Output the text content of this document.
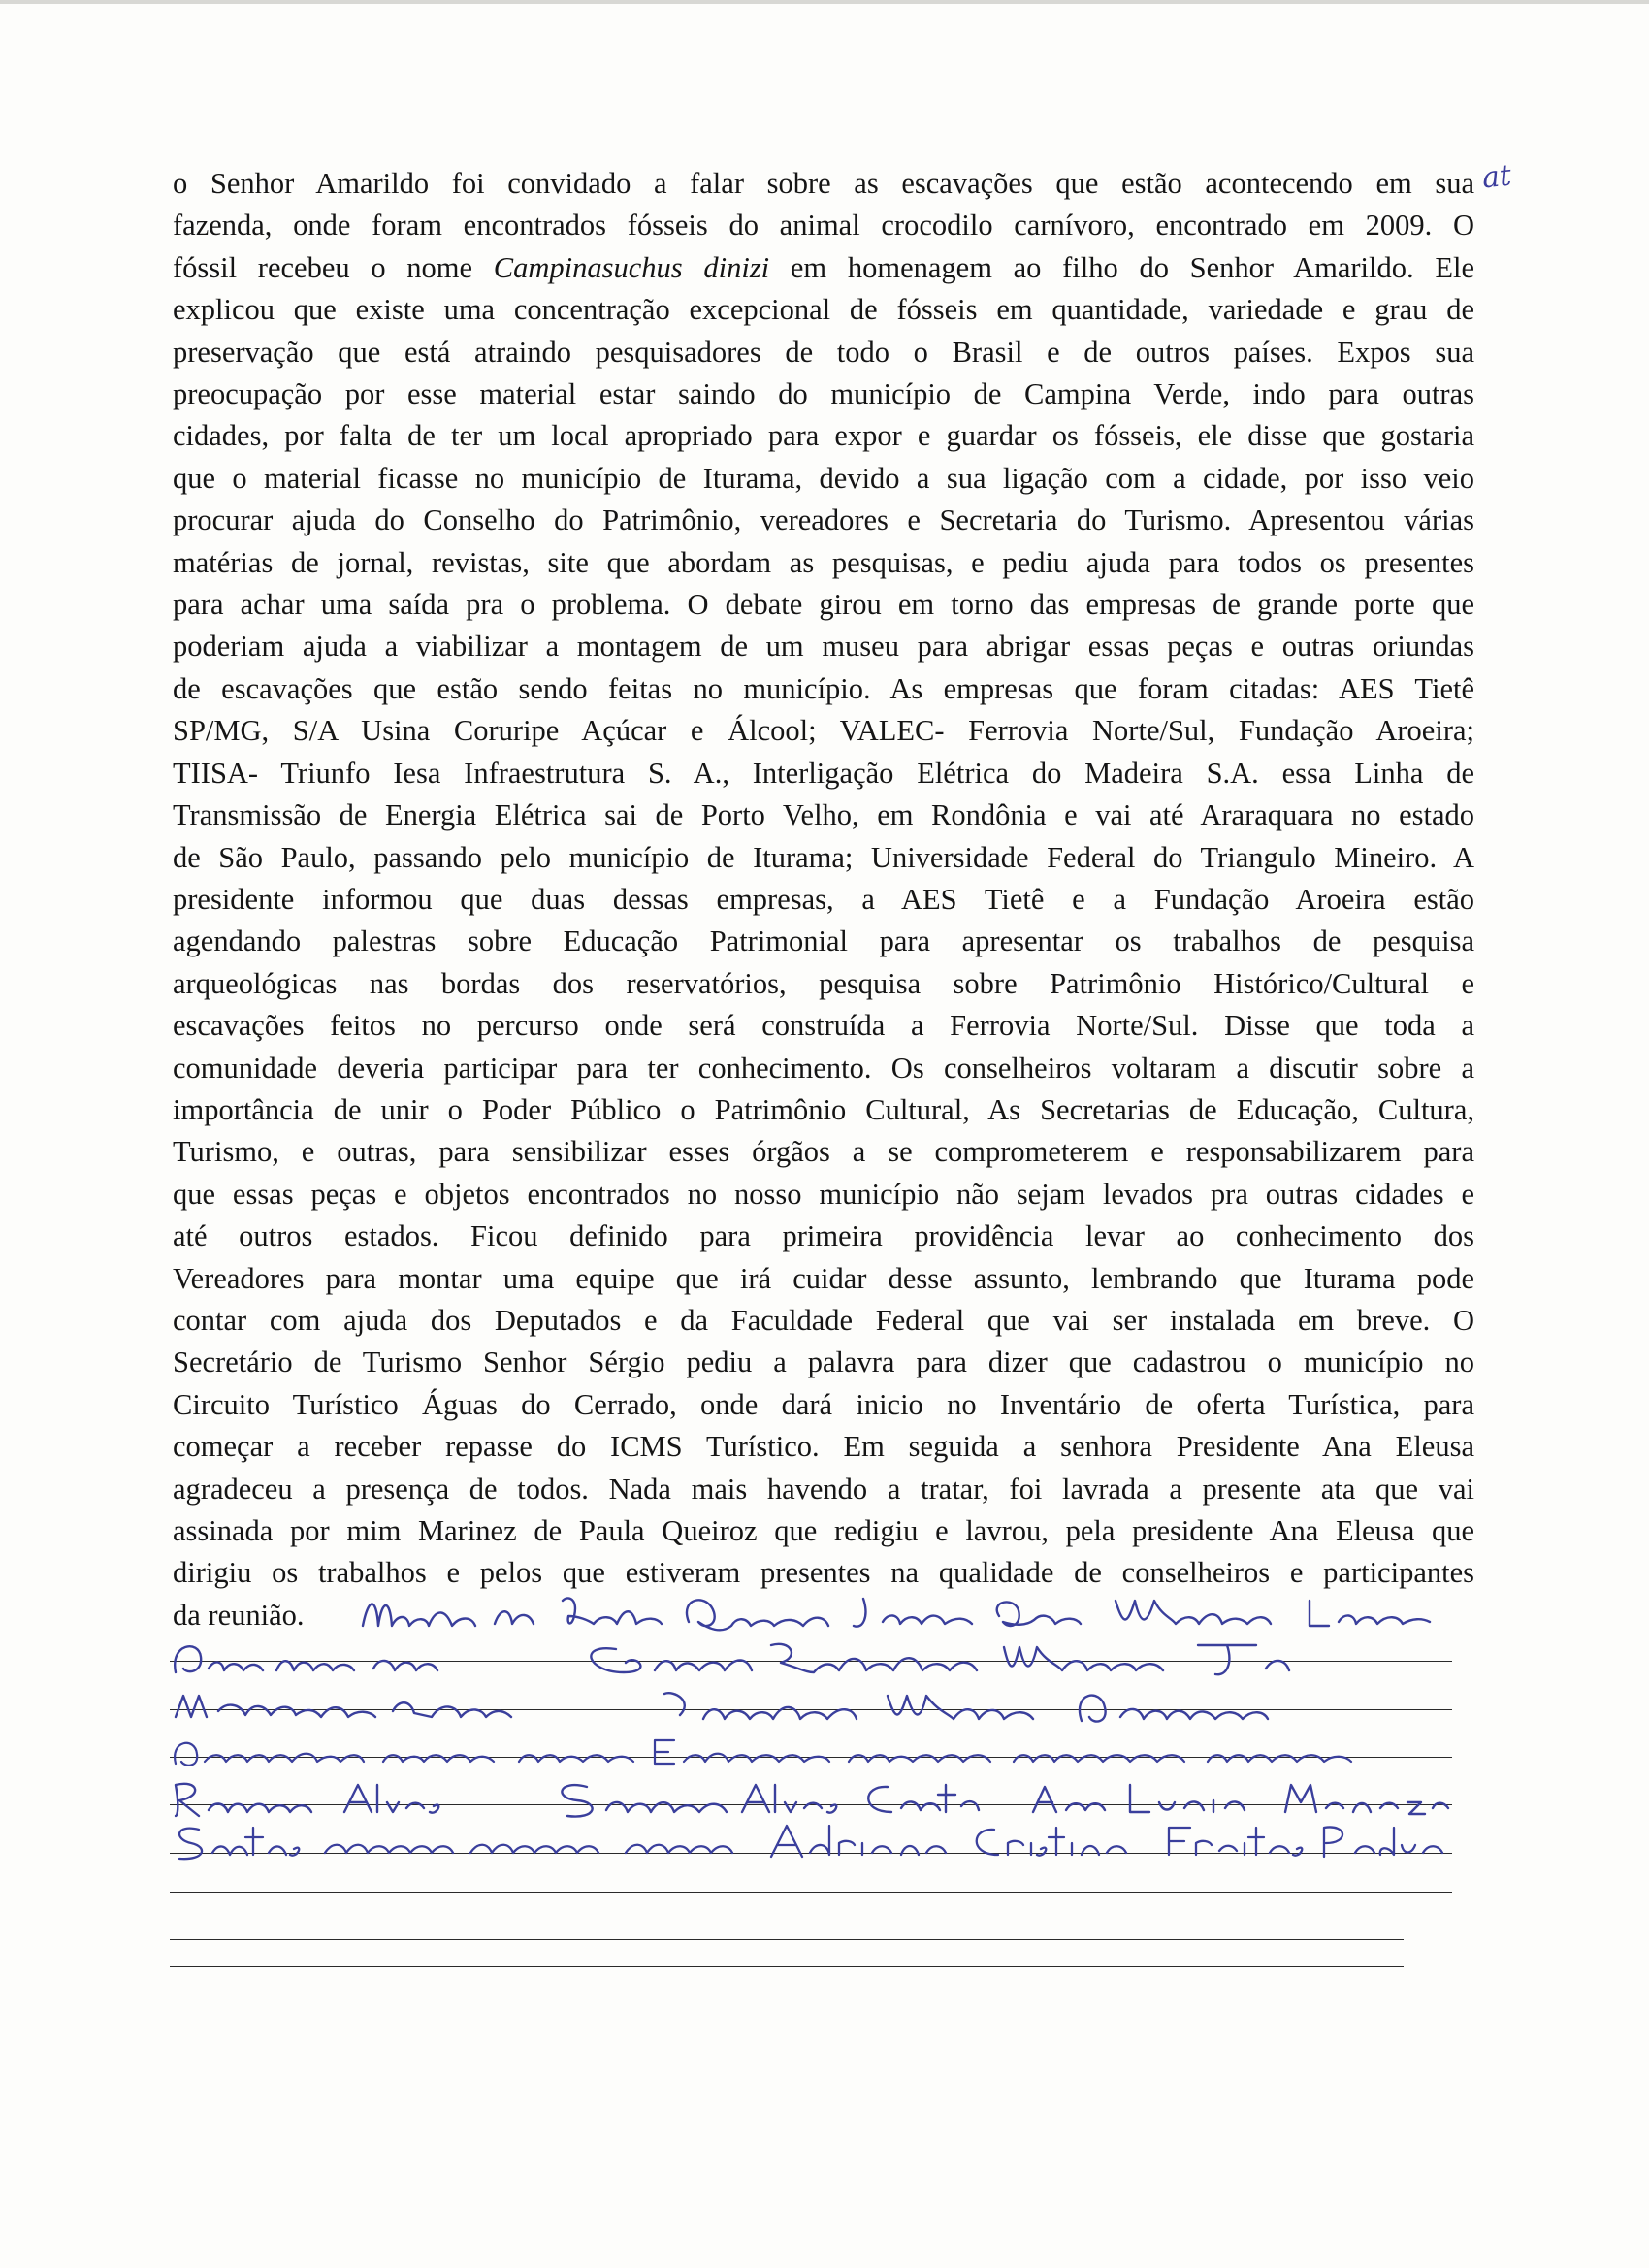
at
o Senhor Amarildo foi convidado a falar sobre as escavações que estão acontecendo em sua
fazenda, onde foram encontrados fósseis do animal crocodilo carnívoro, encontrado em 2009. O
fóssil recebeu o nome Campinasuchus dinizi em homenagem ao filho do Senhor Amarildo. Ele
explicou que existe uma concentração excepcional de fósseis em quantidade, variedade e grau de
preservação que está atraindo pesquisadores de todo o Brasil e de outros países. Expos sua
preocupação por esse material estar saindo do município de Campina Verde, indo para outras
cidades, por falta de ter um local apropriado para expor e guardar os fósseis, ele disse que gostaria
que o material ficasse no município de Iturama, devido a sua ligação com a cidade, por isso veio
procurar ajuda do Conselho do Patrimônio, vereadores e Secretaria do Turismo. Apresentou várias
matérias de jornal, revistas, site que abordam as pesquisas, e pediu ajuda para todos os presentes
para achar uma saída pra o problema. O debate girou em torno das empresas de grande porte que
poderiam ajuda a viabilizar a montagem de um museu para abrigar essas peças e outras oriundas
de escavações que estão sendo feitas no município. As empresas que foram citadas: AES Tietê
SP/MG, S/A Usina Coruripe Açúcar e Álcool; VALEC- Ferrovia Norte/Sul, Fundação Aroeira;
TIISA- Triunfo Iesa Infraestrutura S. A., Interligação Elétrica do Madeira S.A. essa Linha de
Transmissão de Energia Elétrica sai de Porto Velho, em Rondônia e vai até Araraquara no estado
de São Paulo, passando pelo município de Iturama; Universidade Federal do Triangulo Mineiro. A
presidente informou que duas dessas empresas, a AES Tietê e a Fundação Aroeira estão
agendando palestras sobre Educação Patrimonial para apresentar os trabalhos de pesquisa
arqueológicas nas bordas dos reservatórios, pesquisa sobre Patrimônio Histórico/Cultural e
escavações feitos no percurso onde será construída a Ferrovia Norte/Sul. Disse que toda a
comunidade deveria participar para ter conhecimento. Os conselheiros voltaram a discutir sobre a
importância de unir o Poder Público o Patrimônio Cultural, As Secretarias de Educação, Cultura,
Turismo, e outras, para sensibilizar esses órgãos a se comprometerem e responsabilizarem para
que essas peças e objetos encontrados no nosso município não sejam levados pra outras cidades e
até outros estados. Ficou definido para primeira providência levar ao conhecimento dos
Vereadores para montar uma equipe que irá cuidar desse assunto, lembrando que Iturama pode
contar com ajuda dos Deputados e da Faculdade Federal que vai ser instalada em breve. O
Secretário de Turismo Senhor Sérgio pediu a palavra para dizer que cadastrou o município no
Circuito Turístico Águas do Cerrado, onde dará inicio no Inventário de oferta Turística, para
começar a receber repasse do ICMS Turístico. Em seguida a senhora Presidente Ana Eleusa
agradeceu a presença de todos. Nada mais havendo a tratar, foi lavrada a presente ata que vai
assinada por mim Marinez de Paula Queiroz que redigiu e lavrou, pela presidente Ana Eleusa que
dirigiu os trabalhos e pelos que estiveram presentes na qualidade de conselheiros e participantes
da reunião.
